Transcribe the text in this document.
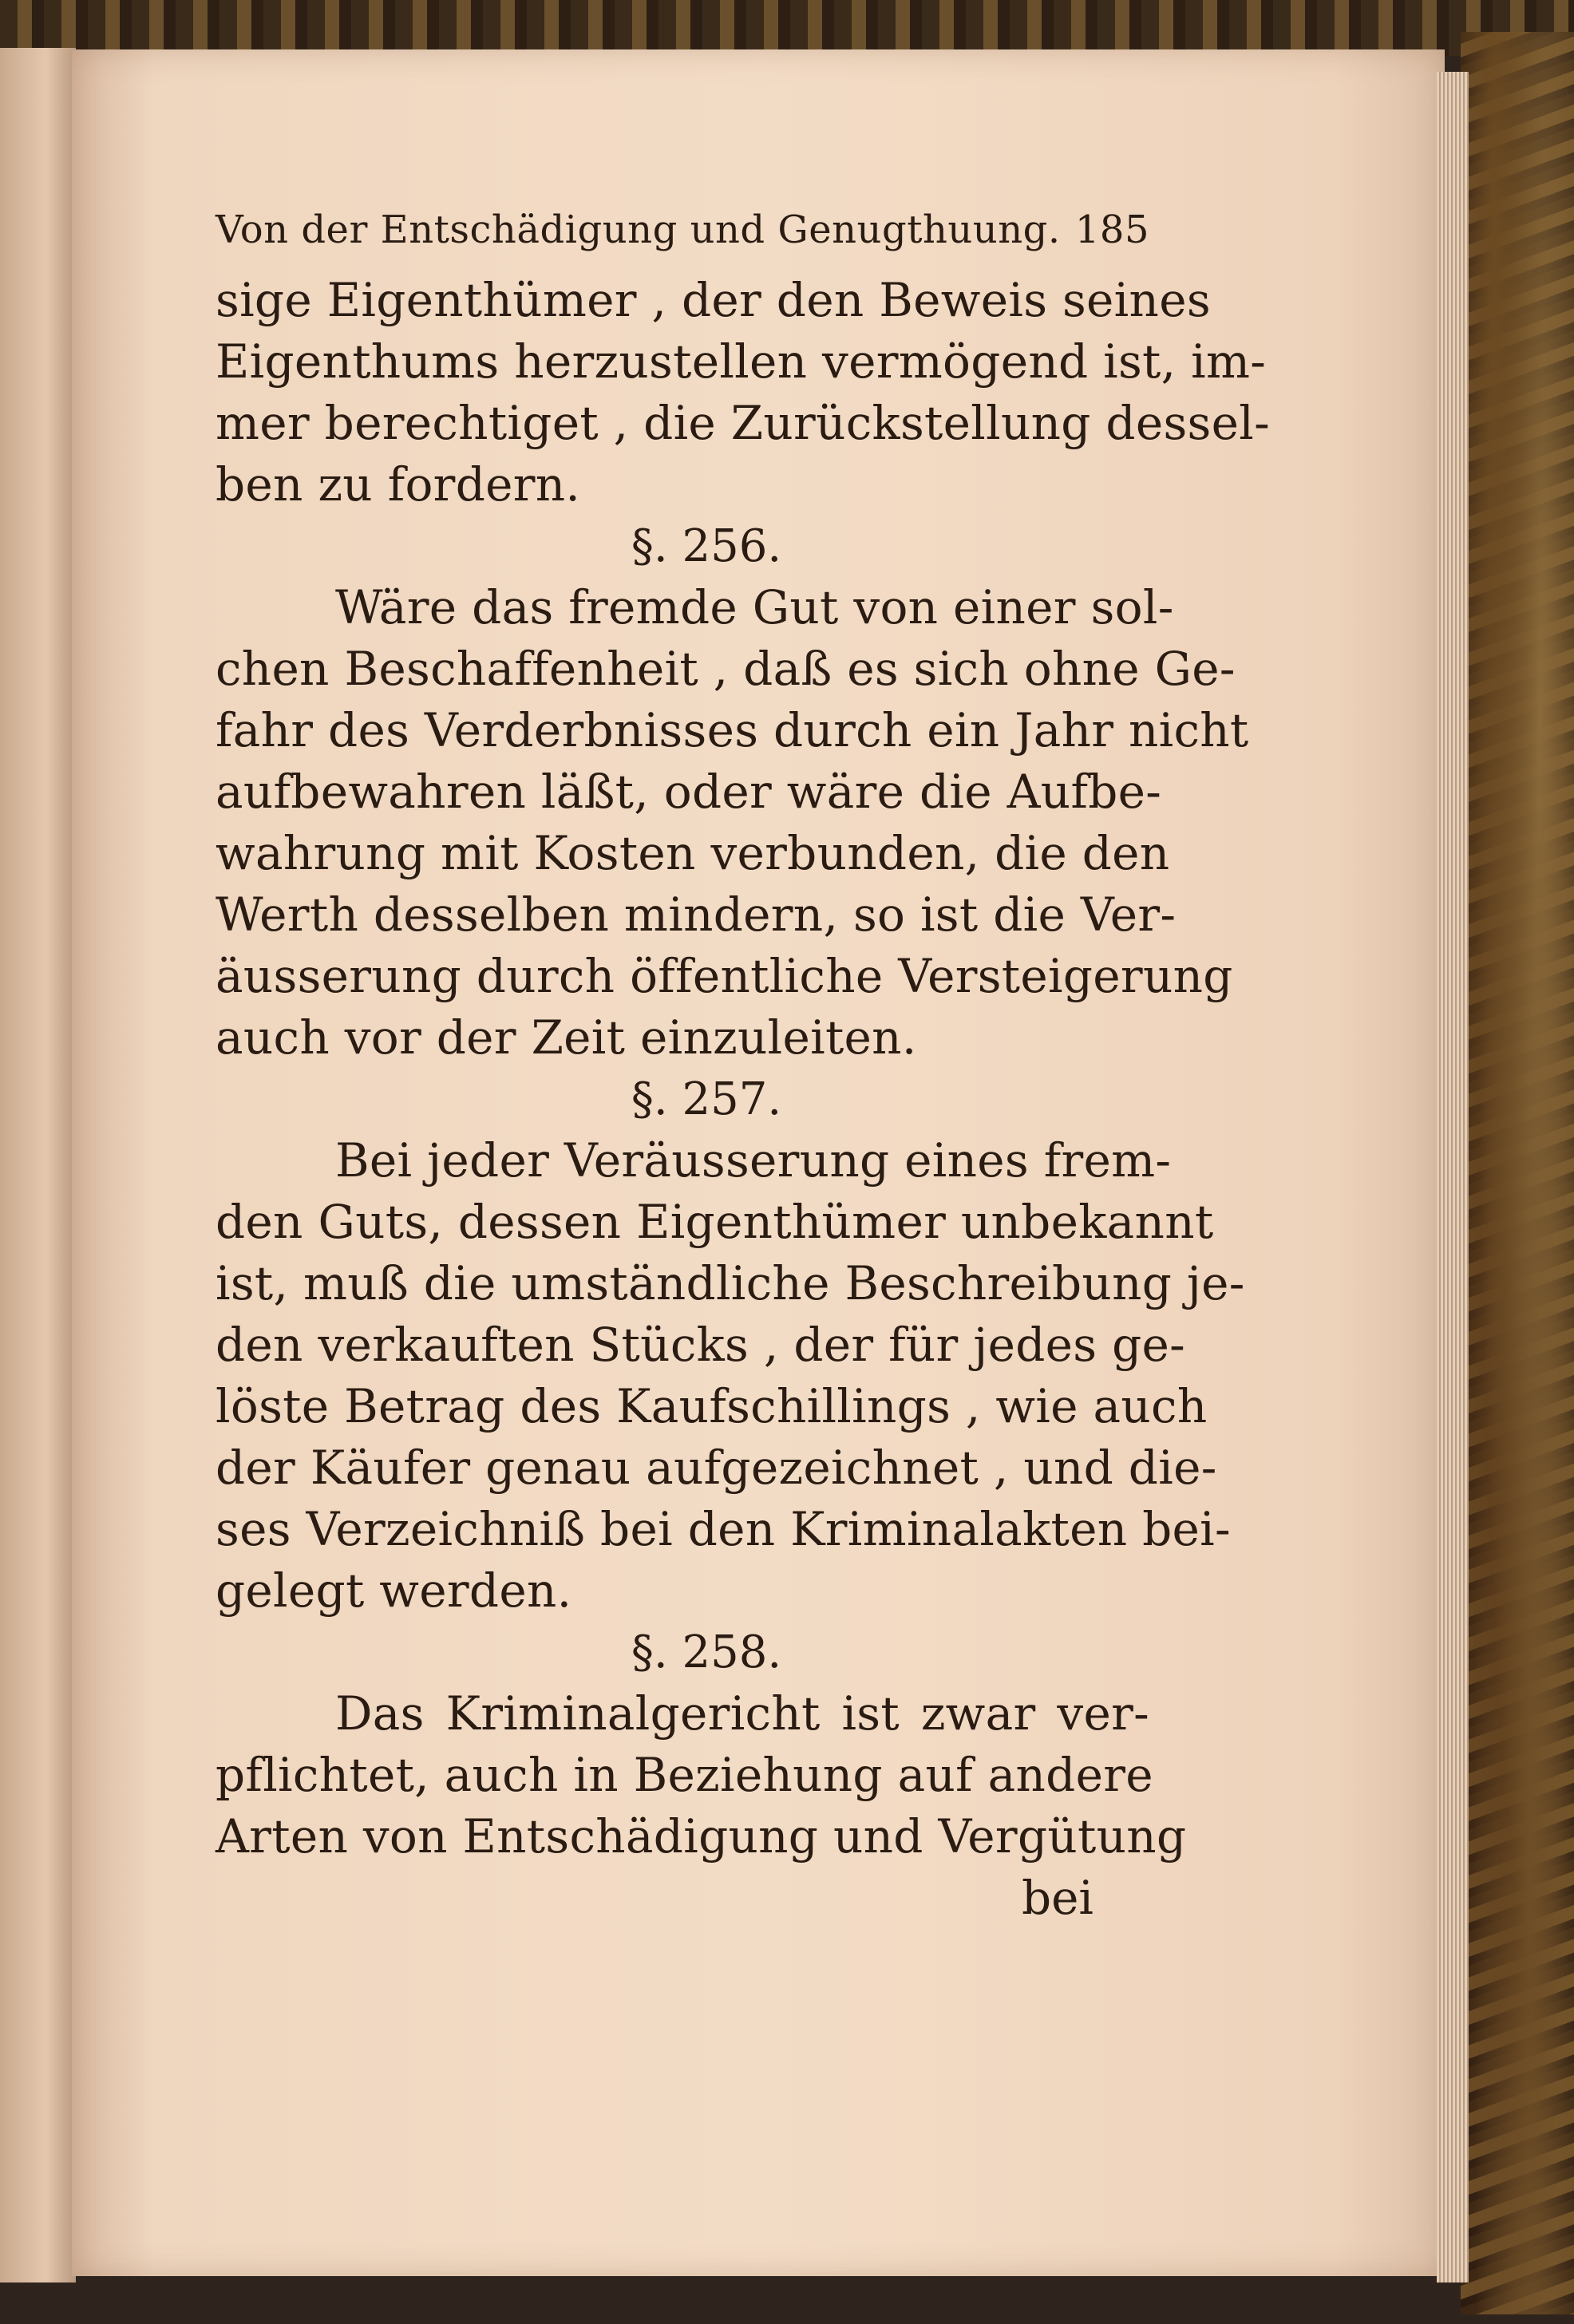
Von der Entschädigung und Genugthuung. 185
sige Eigenthümer , der den Beweis seines
Eigenthums herzustellen vermögend ist, im-
mer berechtiget , die Zurückstellung dessel-
ben zu fordern.
§. 256.
Wäre das fremde Gut von einer sol-
chen Beschaffenheit , daß es sich ohne Ge-
fahr des Verderbnisses durch ein Jahr nicht
aufbewahren läßt, oder wäre die Aufbe-
wahrung mit Kosten verbunden, die den
Werth desselben mindern, so ist die Ver-
äusserung durch öffentliche Versteigerung
auch vor der Zeit einzuleiten.
§. 257.
Bei jeder Veräusserung eines frem-
den Guts, dessen Eigenthümer unbekannt
ist, muß die umständliche Beschreibung je-
den verkauften Stücks , der für jedes ge-
löste Betrag des Kaufschillings , wie auch
der Käufer genau aufgezeichnet , und die-
ses Verzeichniß bei den Kriminalakten bei-
gelegt werden.
§. 258.
Das Kriminalgericht ist zwar ver-
pflichtet, auch in Beziehung auf andere
Arten von Entschädigung und Vergütung
bei
